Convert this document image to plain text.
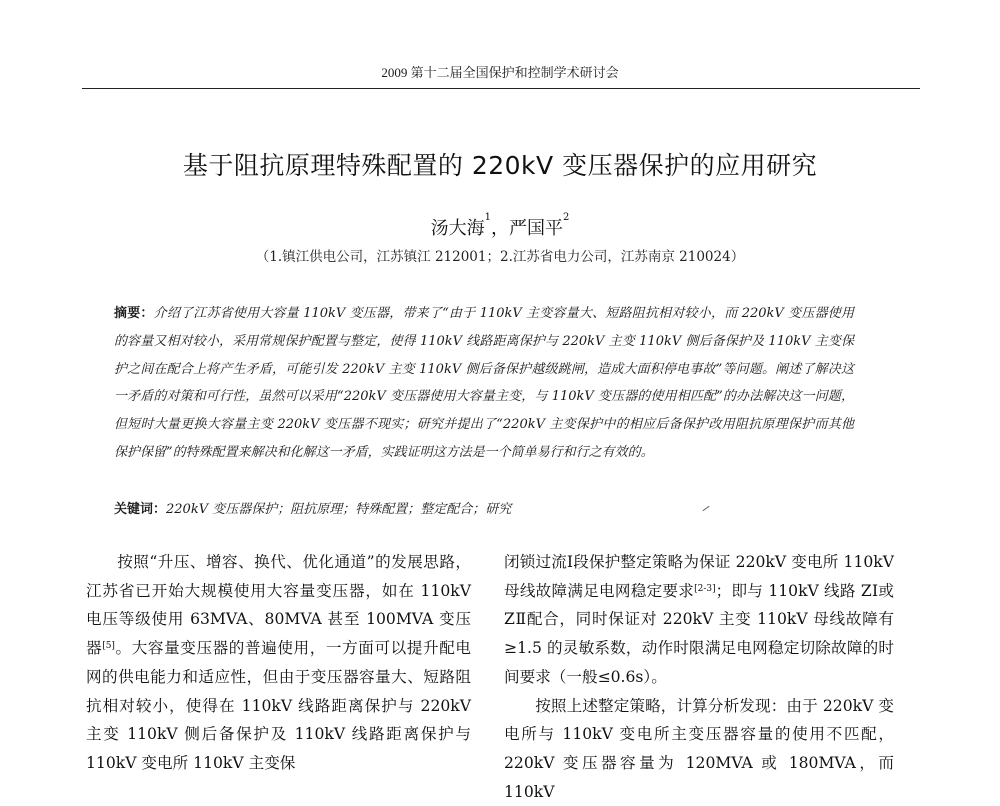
2009 第十二届全国保护和控制学术研讨会
基于阻抗原理特殊配置的 220kV 变压器保护的应用研究
汤大海$^1$，严国平$^2$
（1.镇江供电公司，江苏镇江 212001；2.江苏省电力公司，江苏南京 210024）
摘要：介绍了江苏省使用大容量 110kV 变压器，带来了“由于 110kV 主变容量大、短路阻抗相对较小，而 220kV 变压器使用的容量又相对较小，采用常规保护配置与整定，使得 110kV 线路距离保护与 220kV 主变 110kV 侧后备保护及 110kV 主变保护之间在配合上将产生矛盾，可能引发 220kV 主变 110kV 侧后备保护越级跳闸，造成大面积停电事故”等问题。阐述了解决这一矛盾的对策和可行性，虽然可以采用“220kV 变压器使用大容量主变，与 110kV 变压器的使用相匹配”的办法解决这一问题，但短时大量更换大容量主变 220kV 变压器不现实；研究并提出了“220kV 主变保护中的相应后备保护改用阻抗原理保护而其他保护保留”的特殊配置来解决和化解这一矛盾，实践证明这方法是一个简单易行和行之有效的。
关键词：220kV 变压器保护；阻抗原理；特殊配置；整定配合；研究

按照“升压、增容、换代、优化通道”的发展思路，江苏省已开始大规模使用大容量变压器，如在 110kV 电压等级使用 63MVA、80MVA 甚至 100MVA 变压器[5]。大容量变压器的普遍使用，一方面可以提升配电网的供电能力和适应性，但由于变压器容量大、短路阻抗相对较小，使得在 110kV 线路距离保护与 220kV 主变 110kV 侧后备保护及 110kV 线路距离保护与 110kV 变电所 110kV 主变保

闭锁过流Ⅰ段保护整定策略为保证 220kV 变电所 110kV 母线故障满足电网稳定要求[2-3]；即与 110kV 线路 ZⅠ或 ZⅡ配合，同时保证对 220kV 主变 110kV 母线故障有≥1.5 的灵敏系数，动作时限满足电网稳定切除故障的时间要求（一般≤0.6s）。

按照上述整定策略，计算分析发现：由于 220kV 变电所与 110kV 变电所主变压器容量的使用不匹配，220kV 变压器容量为 120MVA 或 180MVA，而 110kV
